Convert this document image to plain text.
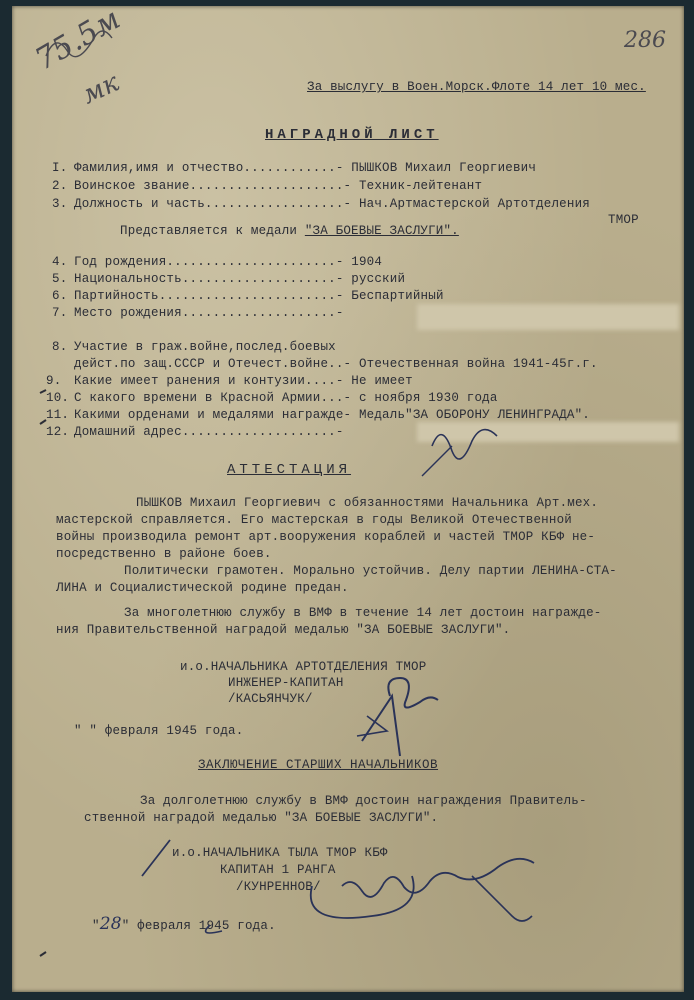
75.5м
мк
286
За выслугу в Воен.Морск.Флоте 14 лет 10 мес.
НАГРАДНОЙ ЛИСТ
I. Фамилия,имя и отчество............- ПЫШКОВ Михаил Георгиевич
2. Воинское звание....................- Техник-лейтенант
3. Должность и часть..................- Нач.Артмастерской Артотделения
ТМОР
Представляется к медали "ЗА БОЕВЫЕ ЗАСЛУГИ".
4. Год рождения......................- 1904
5. Национальность....................- русский
6. Партийность.......................- Беспартийный
7. Место рождения....................-
8. Участие в граж.войне,послед.боевых
дейст.по защ.СССР и Отечест.войне..- Отечественная война 1941-45г.г.
9. Какие имеет ранения и контузии....- Не имеет
10. С какого времени в Красной Армии...- с ноября 1930 года
11. Какими орденами и медалями награжде- Медаль"ЗА ОБОРОНУ ЛЕНИНГРАДА".
12. Домашний адрес....................-
АТТЕСТАЦИЯ
ПЫШКОВ Михаил Георгиевич с обязанностями Начальника Арт.мех.
мастерской справляется. Его мастерская в годы Великой Отечественной
войны производила ремонт арт.вооружения кораблей и частей ТМОР КБФ не-
посредственно в районе боев.
Политически грамотен. Морально устойчив. Делу партии ЛЕНИНА-СТА-
ЛИНА и Социалистической родине предан.
За многолетнюю службу в ВМФ в течение 14 лет достоин награжде-
ния Правительственной наградой медалью "ЗА БОЕВЫЕ ЗАСЛУГИ".
и.о.НАЧАЛЬНИКА АРТОТДЕЛЕНИЯ ТМОР
ИНЖЕНЕР-КАПИТАН
/КАСЬЯНЧУК/
" " февраля 1945 года.
ЗАКЛЮЧЕНИЕ СТАРШИХ НАЧАЛЬНИКОВ
За долголетнюю службу в ВМФ достоин награждения Правитель-
ственной наградой медалью "ЗА БОЕВЫЕ ЗАСЛУГИ".
и.о.НАЧАЛЬНИКА ТЫЛА ТМОР КБФ
КАПИТАН 1 РАНГА
/КУНРЕННОВ/
"28" февраля 1945 года.
